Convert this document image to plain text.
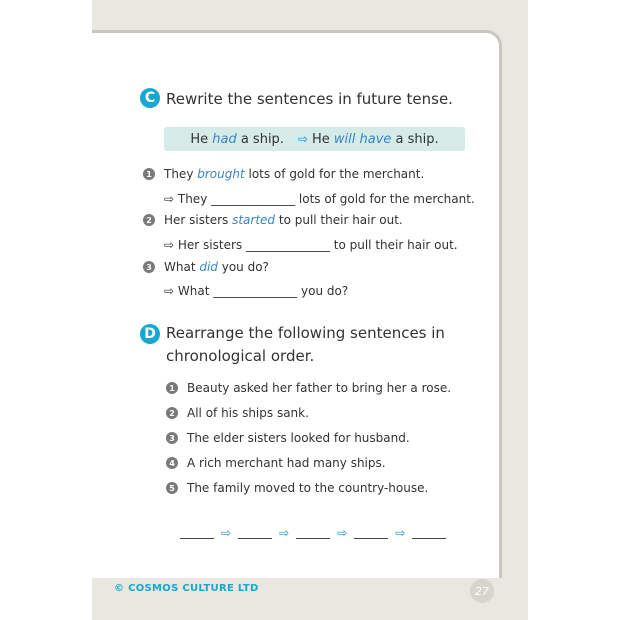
C Rewrite the sentences in future tense.
He had a ship. ⇨ He will have a ship.
1 They brought lots of gold for the merchant.
⇨ They ______________ lots of gold for the merchant.
2 Her sisters started to pull their hair out.
⇨ Her sisters ______________ to pull their hair out.
3 What did you do?
⇨ What ______________ you do?
D Rearrange the following sentences in
chronological order.
1 Beauty asked her father to bring her a rose.
2 All of his ships sank.
3 The elder sisters looked for husband.
4 A rich merchant had many ships.
5 The family moved to the country-house.
⇨	⇨	⇨	⇨
© COSMOS CULTURE LTD	27
